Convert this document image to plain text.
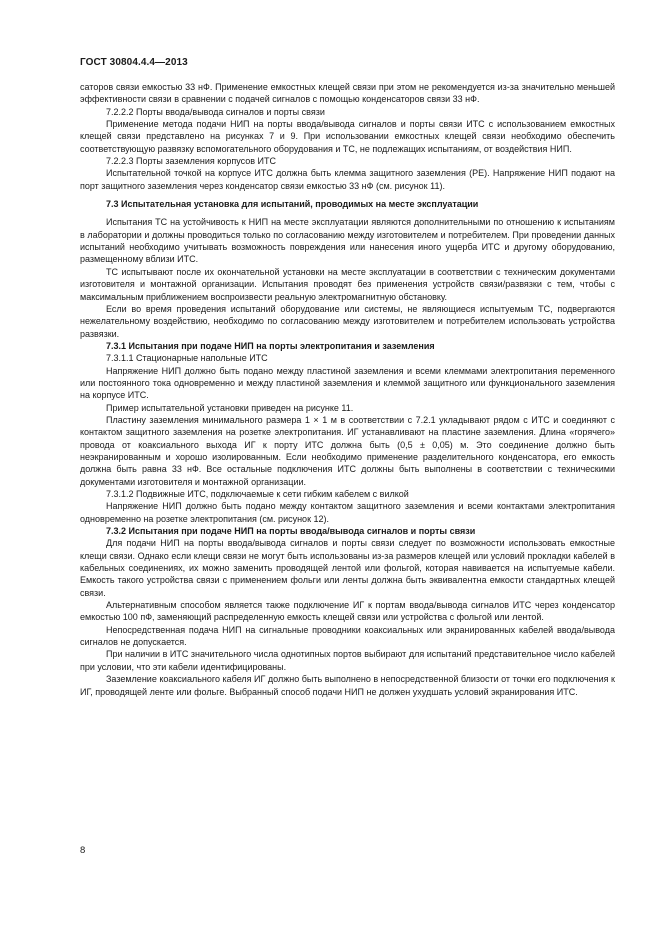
ГОСТ 30804.4.4—2013

саторов связи емкостью 33 нФ. Применение емкостных клещей связи при этом не рекомендуется из-за значительно меньшей эффективности связи в сравнении с подачей сигналов с помощью конденсаторов связи 33 нФ.

7.2.2.2 Порты ввода/вывода сигналов и порты связи

Применение метода подачи НИП на порты ввода/вывода сигналов и порты связи ИТС с использованием емкостных клещей связи представлено на рисунках 7 и 9. При использовании емкостных клещей связи необходимо обеспечить соответствующую развязку вспомогательного оборудования и ТС, не подлежащих испытаниям, от воздействия НИП.

7.2.2.3 Порты заземления корпусов ИТС

Испытательной точкой на корпусе ИТС должна быть клемма защитного заземления (PE). Напряжение НИП подают на порт защитного заземления через конденсатор связи емкостью 33 нФ (см. рисунок 11).

7.3 Испытательная установка для испытаний, проводимых на месте эксплуатации

Испытания ТС на устойчивость к НИП на месте эксплуатации являются дополнительными по отношению к испытаниям в лаборатории и должны проводиться только по согласованию между изготовителем и потребителем. При проведении данных испытаний необходимо учитывать возможность повреждения или нанесения иного ущерба ИТС и другому оборудованию, размещенному вблизи ИТС.

ТС испытывают после их окончательной установки на месте эксплуатации в соответствии с техническим документами изготовителя и монтажной организации. Испытания проводят без применения устройств связи/развязки с тем, чтобы с максимальным приближением воспроизвести реальную электромагнитную обстановку.

Если во время проведения испытаний оборудование или системы, не являющиеся испытуемым ТС, подвергаются нежелательному воздействию, необходимо по согласованию между изготовителем и потребителем использовать устройства развязки.

7.3.1 Испытания при подаче НИП на порты электропитания и заземления

7.3.1.1 Стационарные напольные ИТС

Напряжение НИП должно быть подано между пластиной заземления и всеми клеммами электропитания переменного или постоянного тока одновременно и между пластиной заземления и клеммой защитного или функционального заземления на корпусе ИТС.

Пример испытательной установки приведен на рисунке 11.

Пластину заземления минимального размера 1 × 1 м в соответствии с 7.2.1 укладывают рядом с ИТС и соединяют с контактом защитного заземления на розетке электропитания. ИГ устанавливают на пластине заземления. Длина «горячего» провода от коаксиального выхода ИГ к порту ИТС должна быть (0,5 ± 0,05) м. Это соединение должно быть неэкранированным и хорошо изолированным. Если необходимо применение разделительного конденсатора, его емкость должна быть равна 33 нФ. Все остальные подключения ИТС должны быть выполнены в соответствии с техническими документами изготовителя и монтажной организации.

7.3.1.2 Подвижные ИТС, подключаемые к сети гибким кабелем с вилкой

Напряжение НИП должно быть подано между контактом защитного заземления и всеми контактами электропитания одновременно на розетке электропитания (см. рисунок 12).

7.3.2 Испытания при подаче НИП на порты ввода/вывода сигналов и порты связи

Для подачи НИП на порты ввода/вывода сигналов и порты связи следует по возможности использовать емкостные клещи связи. Однако если клещи связи не могут быть использованы из-за размеров клещей или условий прокладки кабелей в кабельных соединениях, их можно заменить проводящей лентой или фольгой, которая навивается на испытуемые кабели. Емкость такого устройства связи с применением фольги или ленты должна быть эквивалентна емкости стандартных клещей связи.

Альтернативным способом является также подключение ИГ к портам ввода/вывода сигналов ИТС через конденсатор емкостью 100 пФ, заменяющий распределенную емкость клещей связи или устройства с фольгой или лентой.

Непосредственная подача НИП на сигнальные проводники коаксиальных или экранированных кабелей ввода/вывода сигналов не допускается.

При наличии в ИТС значительного числа однотипных портов выбирают для испытаний представительное число кабелей при условии, что эти кабели идентифицированы.

Заземление коаксиального кабеля ИГ должно быть выполнено в непосредственной близости от точки его подключения к ИГ, проводящей ленте или фольге. Выбранный способ подачи НИП не должен ухудшать условий экранирования ИТС.

8
